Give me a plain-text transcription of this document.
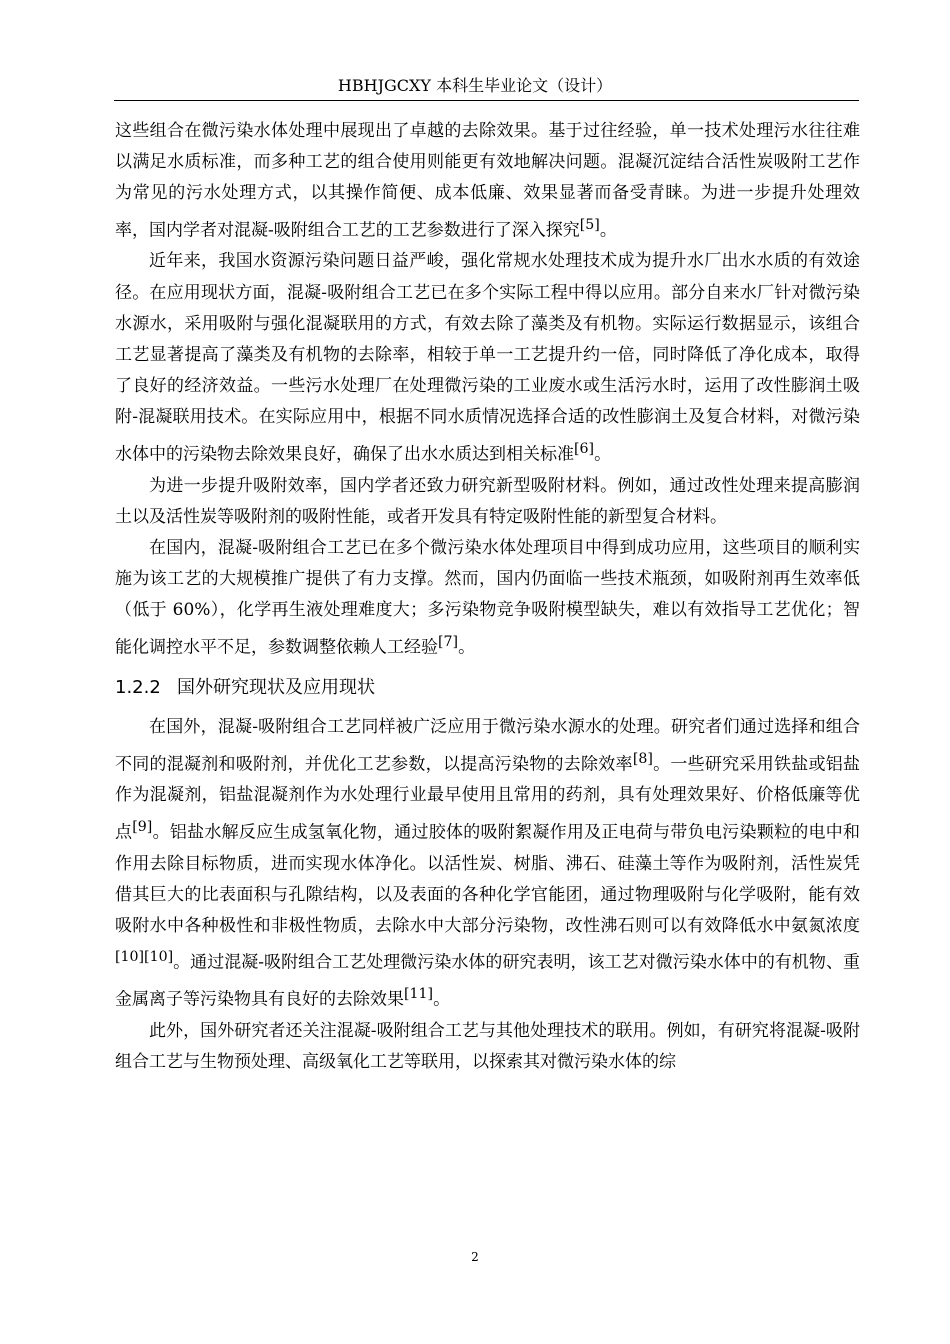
HBHJGCXY 本科生毕业论文（设计）

这些组合在微污染水体处理中展现出了卓越的去除效果。基于过往经验，单一技术处理污水往往难以满足水质标准，而多种工艺的组合使用则能更有效地解决问题。混凝沉淀结合活性炭吸附工艺作为常见的污水处理方式，以其操作简便、成本低廉、效果显著而备受青睐。为进一步提升处理效率，国内学者对混凝-吸附组合工艺的工艺参数进行了深入探究[5]。

近年来，我国水资源污染问题日益严峻，强化常规水处理技术成为提升水厂出水水质的有效途径。在应用现状方面，混凝-吸附组合工艺已在多个实际工程中得以应用。部分自来水厂针对微污染水源水，采用吸附与强化混凝联用的方式，有效去除了藻类及有机物。实际运行数据显示，该组合工艺显著提高了藻类及有机物的去除率，相较于单一工艺提升约一倍，同时降低了净化成本，取得了良好的经济效益。一些污水处理厂在处理微污染的工业废水或生活污水时，运用了改性膨润土吸附-混凝联用技术。在实际应用中，根据不同水质情况选择合适的改性膨润土及复合材料，对微污染水体中的污染物去除效果良好，确保了出水水质达到相关标准[6]。

为进一步提升吸附效率，国内学者还致力研究新型吸附材料。例如，通过改性处理来提高膨润土以及活性炭等吸附剂的吸附性能，或者开发具有特定吸附性能的新型复合材料。

在国内，混凝-吸附组合工艺已在多个微污染水体处理项目中得到成功应用，这些项目的顺利实施为该工艺的大规模推广提供了有力支撑。然而，国内仍面临一些技术瓶颈，如吸附剂再生效率低（低于 60%），化学再生液处理难度大；多污染物竞争吸附模型缺失，难以有效指导工艺优化；智能化调控水平不足，参数调整依赖人工经验[7]。

1.2.2 国外研究现状及应用现状

在国外，混凝-吸附组合工艺同样被广泛应用于微污染水源水的处理。研究者们通过选择和组合不同的混凝剂和吸附剂，并优化工艺参数，以提高污染物的去除效率[8]。一些研究采用铁盐或铝盐作为混凝剂，铝盐混凝剂作为水处理行业最早使用且常用的药剂，具有处理效果好、价格低廉等优点[9]。铝盐水解反应生成氢氧化物，通过胶体的吸附絮凝作用及正电荷与带负电污染颗粒的电中和作用去除目标物质，进而实现水体净化。以活性炭、树脂、沸石、硅藻土等作为吸附剂，活性炭凭借其巨大的比表面积与孔隙结构，以及表面的各种化学官能团，通过物理吸附与化学吸附，能有效吸附水中各种极性和非极性物质，去除水中大部分污染物，改性沸石则可以有效降低水中氨氮浓度[10][10]。通过混凝-吸附组合工艺处理微污染水体的研究表明，该工艺对微污染水体中的有机物、重金属离子等污染物具有良好的去除效果[11]。

此外，国外研究者还关注混凝-吸附组合工艺与其他处理技术的联用。例如，有研究将混凝-吸附组合工艺与生物预处理、高级氧化工艺等联用，以探索其对微污染水体的综

2
